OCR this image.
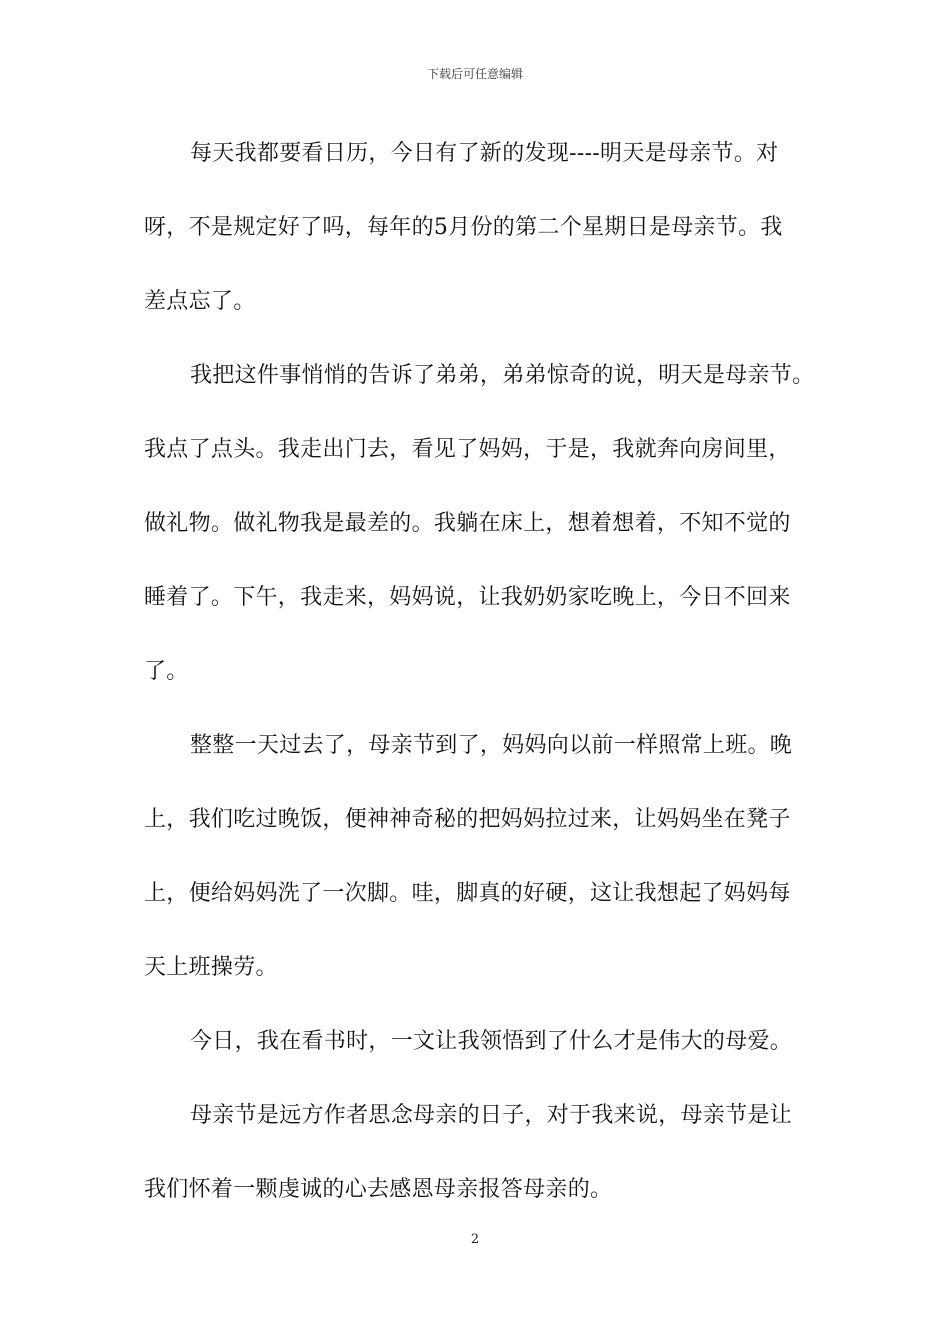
下载后可任意编辑
每天我都要看日历，今日有了新的发现----明天是母亲节。对
呀，不是规定好了吗，每年的5月份的第二个星期日是母亲节。我
差点忘了。
我把这件事悄悄的告诉了弟弟，弟弟惊奇的说，明天是母亲节。
我点了点头。我走出门去，看见了妈妈，于是，我就奔向房间里，
做礼物。做礼物我是最差的。我躺在床上，想着想着，不知不觉的
睡着了。下午，我走来，妈妈说，让我奶奶家吃晚上，今日不回来
了。
整整一天过去了，母亲节到了，妈妈向以前一样照常上班。晚
上，我们吃过晚饭，便神神奇秘的把妈妈拉过来，让妈妈坐在凳子
上，便给妈妈洗了一次脚。哇，脚真的好硬，这让我想起了妈妈每
天上班操劳。
今日，我在看书时，一文让我领悟到了什么才是伟大的母爱。
母亲节是远方作者思念母亲的日子，对于我来说，母亲节是让
我们怀着一颗虔诚的心去感恩母亲报答母亲的。
2
